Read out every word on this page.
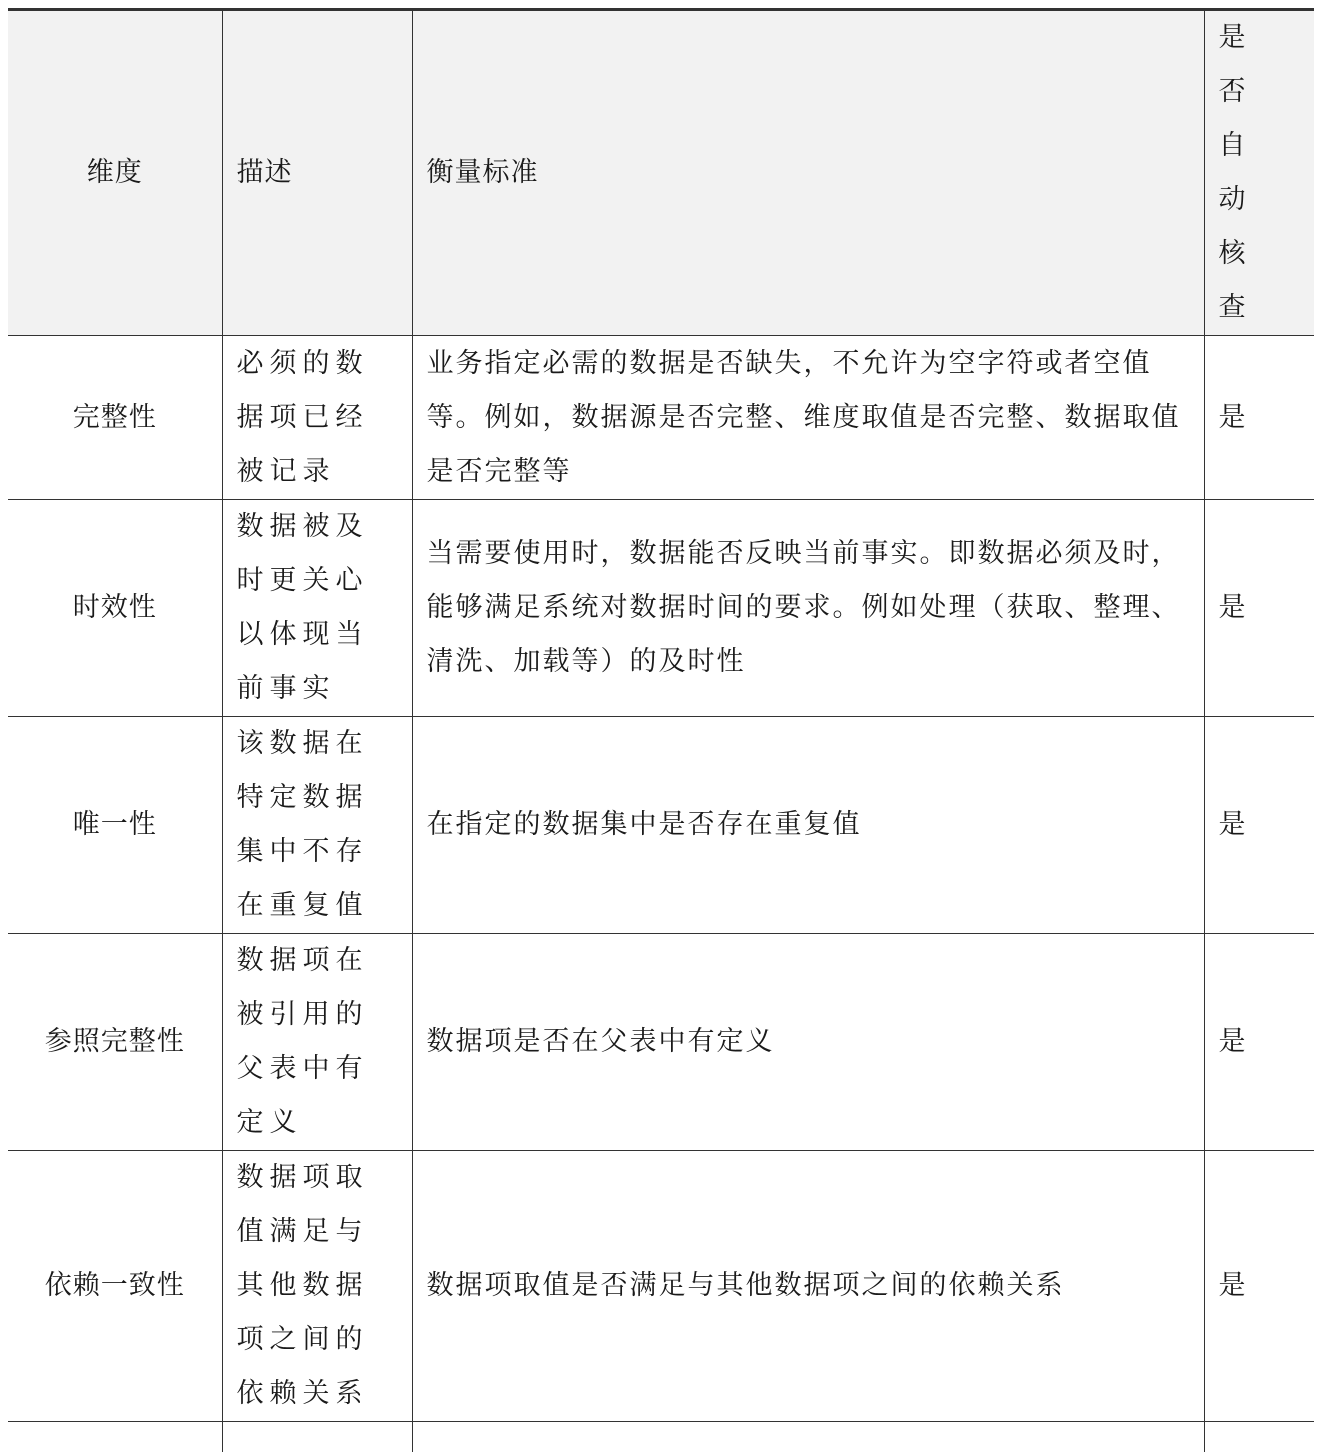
维度	描述	衡量标准	是否自动核查
完整性	必须的数据项已经被记录	业务指定必需的数据是否缺失，不允许为空字符或者空值等。例如，数据源是否完整、维度取值是否完整、数据取值是否完整等	是
时效性	数据被及时更关心以体现当前事实	当需要使用时，数据能否反映当前事实。即数据必须及时，能够满足系统对数据时间的要求。例如处理（获取、整理、清洗、加载等）的及时性	是
唯一性	该数据在特定数据集中不存在重复值	在指定的数据集中是否存在重复值	是
参照完整性	数据项在被引用的父表中有定义	数据项是否在父表中有定义	是
依赖一致性	数据项取值满足与其他数据项之间的依赖关系	数据项取值是否满足与其他数据项之间的依赖关系	是
